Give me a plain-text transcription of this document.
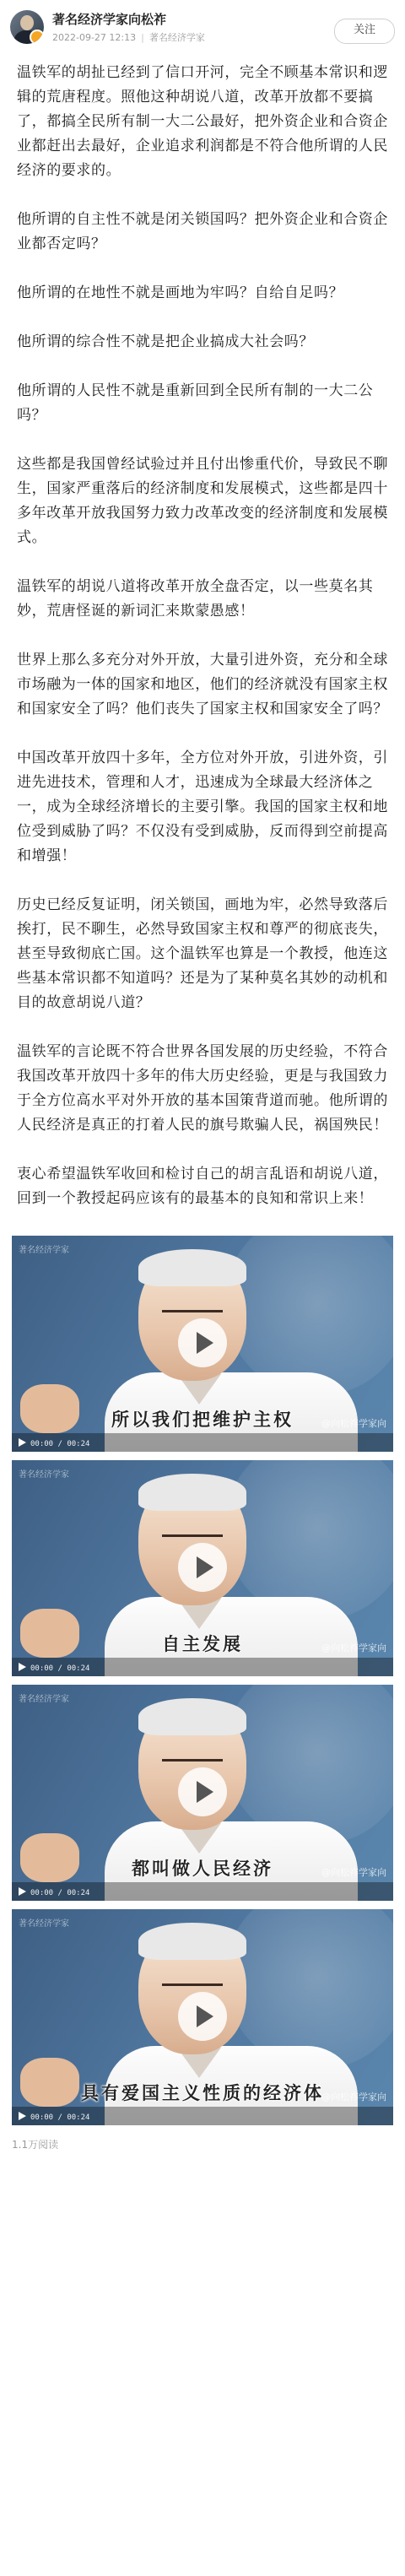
著名经济学家向松祚
2022-09-27 12:13 | 著名经济学家
关注

温铁军的胡扯已经到了信口开河，完全不顾基本常识和逻辑的荒唐程度。照他这种胡说八道，改革开放都不要搞了，都搞全民所有制一大二公最好，把外资企业和合资企业都赶出去最好，企业追求利润都是不符合他所谓的人民经济的要求的。

他所谓的自主性不就是闭关锁国吗？把外资企业和合资企业都否定吗？

他所谓的在地性不就是画地为牢吗？自给自足吗？

他所谓的综合性不就是把企业搞成大社会吗？

他所谓的人民性不就是重新回到全民所有制的一大二公吗？

这些都是我国曾经试验过并且付出惨重代价，导致民不聊生，国家严重落后的经济制度和发展模式，这些都是四十多年改革开放我国努力致力改革改变的经济制度和发展模式。

温铁军的胡说八道将改革开放全盘否定，以一些莫名其妙，荒唐怪诞的新词汇来欺蒙愚感！

世界上那么多充分对外开放，大量引进外资，充分和全球市场融为一体的国家和地区，他们的经济就没有国家主权和国家安全了吗？他们丧失了国家主权和国家安全了吗？

中国改革开放四十多年，全方位对外开放，引进外资，引进先进技术，管理和人才，迅速成为全球最大经济体之一，成为全球经济增长的主要引擎。我国的国家主权和地位受到威胁了吗？不仅没有受到威胁，反而得到空前提高和增强！

历史已经反复证明，闭关锁国，画地为牢，必然导致落后挨打，民不聊生，必然导致国家主权和尊严的彻底丧失，甚至导致彻底亡国。这个温铁军也算是一个教授，他连这些基本常识都不知道吗？还是为了某种莫名其妙的动机和目的故意胡说八道？

温铁军的言论既不符合世界各国发展的历史经验，不符合我国改革开放四十多年的伟大历史经验，更是与我国致力于全方位高水平对外开放的基本国策背道而驰。他所谓的人民经济是真正的打着人民的旗号欺骗人民，祸国殃民！

衷心希望温铁军收回和检讨自己的胡言乱语和胡说八道，回到一个教授起码应该有的最基本的良知和常识上来！

著名经济学家
所以我们把维护主权	@向松祚学家向
00:00 / 00:24
著名经济学家
自主发展	@向松祚学家向
00:00 / 00:24
著名经济学家
都叫做人民经济	@向松祚学家向
00:00 / 00:24
著名经济学家
具有爱国主义性质的经济体
@向松祚学家向
00:00 / 00:24
1.1万阅读
